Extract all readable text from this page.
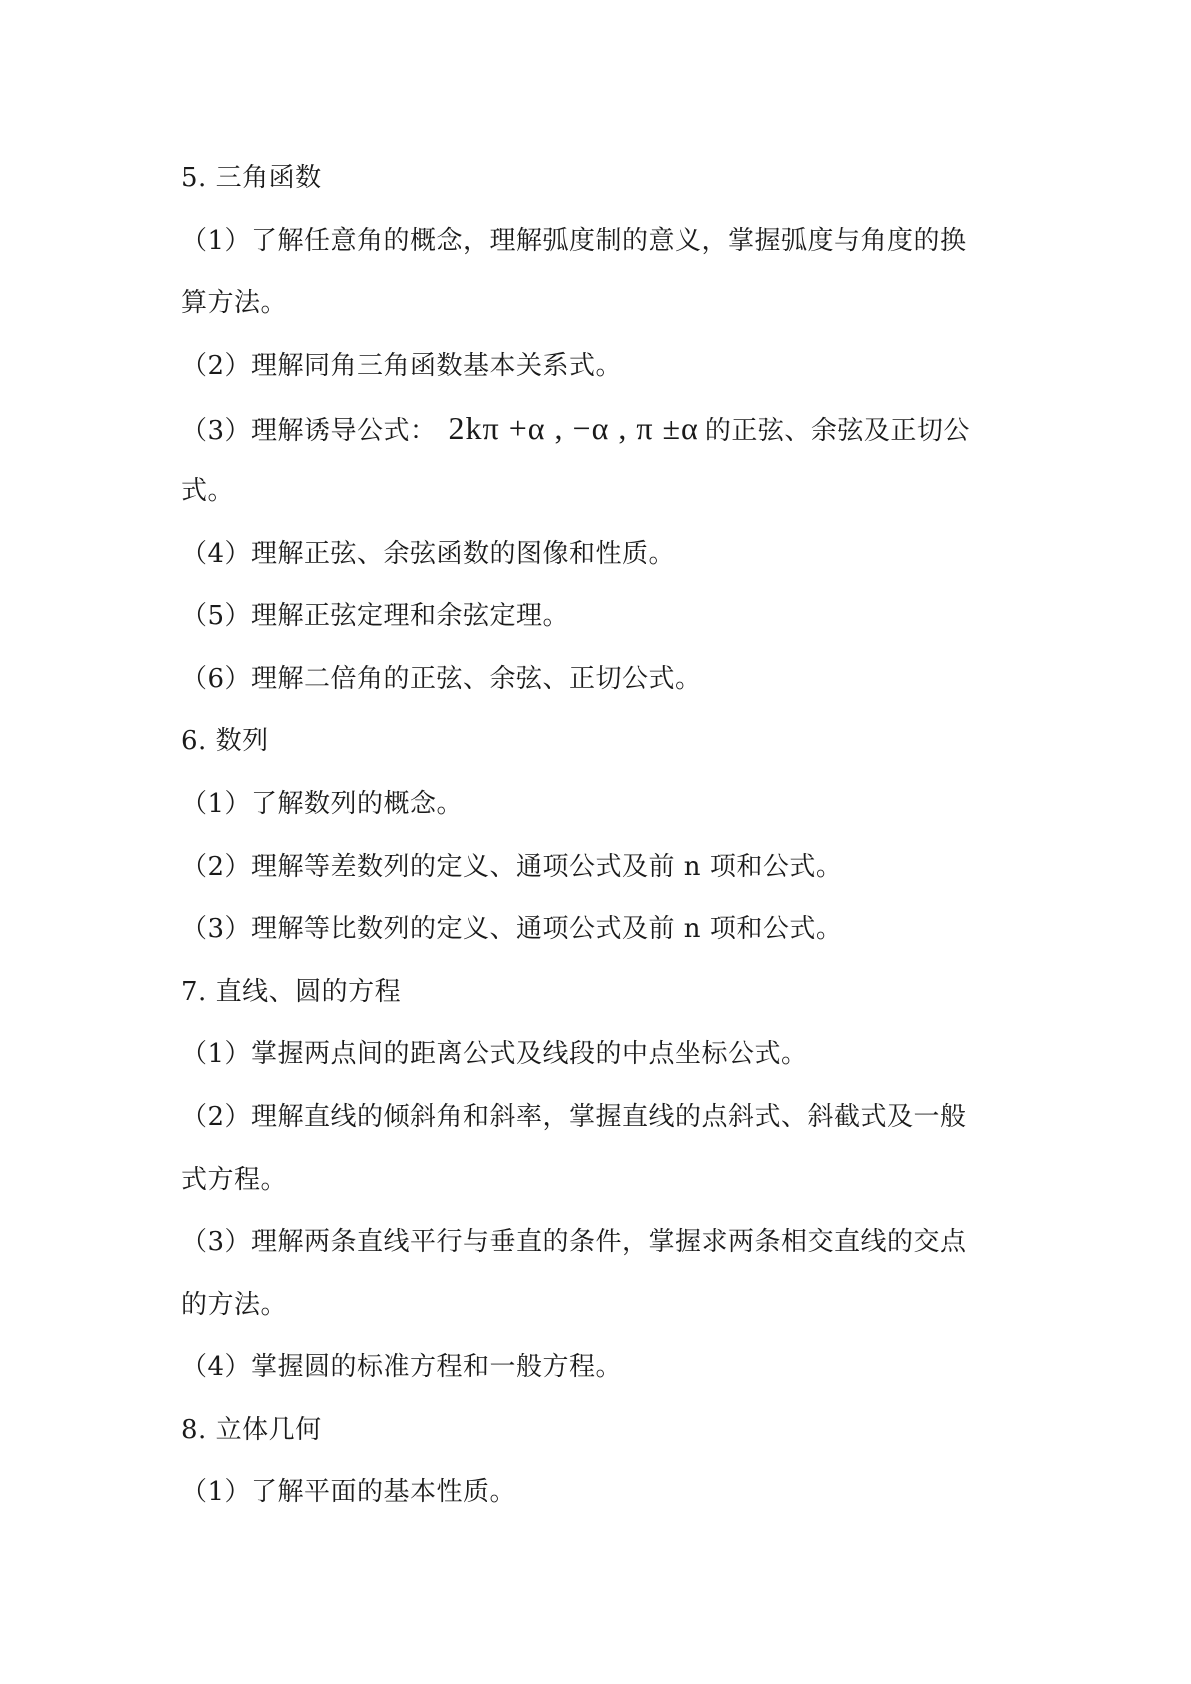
5. 三角函数
（1）了解任意角的概念，理解弧度制的意义，掌握弧度与角度的换
算方法。
（2）理解同角三角函数基本关系式。
（3）理解诱导公式： 2kπ +α , −α , π ±α 的正弦、余弦及正切公
式。
（4）理解正弦、余弦函数的图像和性质。
（5）理解正弦定理和余弦定理。
（6）理解二倍角的正弦、余弦、正切公式。
6. 数列
（1）了解数列的概念。
（2）理解等差数列的定义、通项公式及前 n 项和公式。
（3）理解等比数列的定义、通项公式及前 n 项和公式。
7. 直线、圆的方程
（1）掌握两点间的距离公式及线段的中点坐标公式。
（2）理解直线的倾斜角和斜率，掌握直线的点斜式、斜截式及一般
式方程。
（3）理解两条直线平行与垂直的条件，掌握求两条相交直线的交点
的方法。
（4）掌握圆的标准方程和一般方程。
8. 立体几何
（1）了解平面的基本性质。
